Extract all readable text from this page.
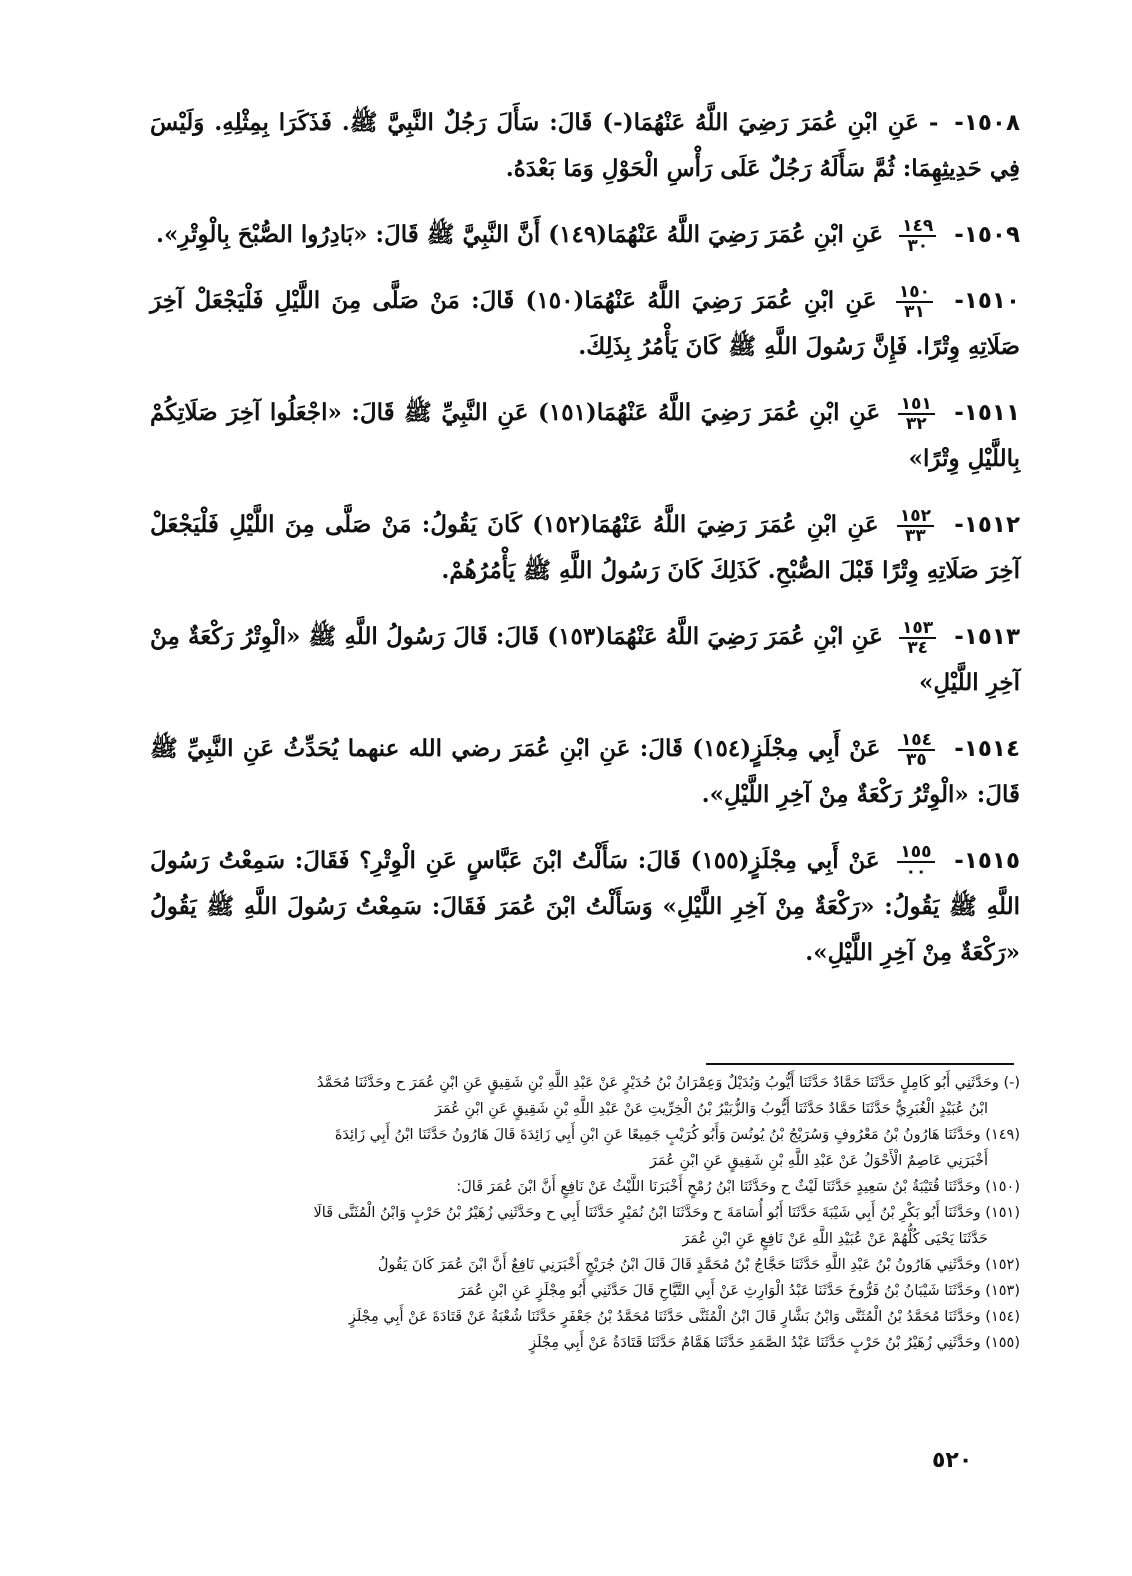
١٥٠٨- - عَنِ ابْنِ عُمَرَ رَضِيَ اللَّهُ عَنْهُمَا(-) قَالَ: سَأَلَ رَجُلٌ النَّبِيَّ ﷺ. فَذَكَرَا بِمِثْلِهِ. وَلَيْسَ فِي حَدِيثِهِمَا: ثُمَّ سَأَلَهُ رَجُلٌ عَلَى رَأْسِ الْحَوْلِ وَمَا بَعْدَهُ.

١٥٠٩-
$\frac{١٤٩}{٣٠}$
عَنِ ابْنِ عُمَرَ رَضِيَ اللَّهُ عَنْهُمَا(١٤٩) أَنَّ النَّبِيَّ ﷺ قَالَ: «بَادِرُوا الصُّبْحَ بِالْوِتْرِ».

١٥١٠-
$\frac{١٥٠}{٣١}$
عَنِ ابْنِ عُمَرَ رَضِيَ اللَّهُ عَنْهُمَا(١٥٠) قَالَ: مَنْ صَلَّى مِنَ اللَّيْلِ فَلْيَجْعَلْ آخِرَ صَلَاتِهِ وِتْرًا. فَإِنَّ رَسُولَ اللَّهِ ﷺ كَانَ يَأْمُرُ بِذَلِكَ.

١٥١١-
$\frac{١٥١}{٣٢}$
عَنِ ابْنِ عُمَرَ رَضِيَ اللَّهُ عَنْهُمَا(١٥١) عَنِ النَّبِيِّ ﷺ قَالَ: «اجْعَلُوا آخِرَ صَلَاتِكُمْ بِاللَّيْلِ وِتْرًا»

١٥١٢-
$\frac{١٥٢}{٣٣}$
عَنِ ابْنِ عُمَرَ رَضِيَ اللَّهُ عَنْهُمَا(١٥٢) كَانَ يَقُولُ: مَنْ صَلَّى مِنَ اللَّيْلِ فَلْيَجْعَلْ آخِرَ صَلَاتِهِ وِتْرًا قَبْلَ الصُّبْحِ. كَذَلِكَ كَانَ رَسُولُ اللَّهِ ﷺ يَأْمُرُهُمْ.

١٥١٣-
$\frac{١٥٣}{٣٤}$
عَنِ ابْنِ عُمَرَ رَضِيَ اللَّهُ عَنْهُمَا(١٥٣) قَالَ: قَالَ رَسُولُ اللَّهِ ﷺ «الْوِتْرُ رَكْعَةٌ مِنْ آخِرِ اللَّيْلِ»

١٥١٤-
$\frac{١٥٤}{٣٥}$
عَنْ أَبِي مِجْلَزٍ(١٥٤) قَالَ: عَنِ ابْنِ عُمَرَ رضي الله عنهما يُحَدِّثُ عَنِ النَّبِيِّ ﷺ قَالَ: «الْوِتْرُ رَكْعَةٌ مِنْ آخِرِ اللَّيْلِ».

١٥١٥-
$\frac{١٥٥}{٠٠}$
عَنْ أَبِي مِجْلَزٍ(١٥٥) قَالَ: سَأَلْتُ ابْنَ عَبَّاسٍ عَنِ الْوِتْرِ؟ فَقَالَ: سَمِعْتُ رَسُولَ اللَّهِ ﷺ يَقُولُ: «رَكْعَةٌ مِنْ آخِرِ اللَّيْلِ» وَسَأَلْتُ ابْنَ عُمَرَ فَقَالَ: سَمِعْتُ رَسُولَ اللَّهِ ﷺ يَقُولُ «رَكْعَةٌ مِنْ آخِرِ اللَّيْلِ».

(-) وحَدَّثَنِي أَبُو كَامِلٍ حَدَّثَنَا حَمَّادٌ حَدَّثَنَا أَيُّوبُ وَبُدَيْلٌ وَعِمْرَانُ بْنُ حُدَيْرٍ عَنْ عَبْدِ اللَّهِ بْنِ شَقِيقٍ عَنِ ابْنِ عُمَرَ ح وحَدَّثَنَا مُحَمَّدُ

ابْنُ عُبَيْدٍ الْغُبَرِيُّ حَدَّثَنَا حَمَّادٌ حَدَّثَنَا أَيُّوبُ وَالزُّبَيْرُ بْنُ الْخِرِّيتِ عَنْ عَبْدِ اللَّهِ بْنِ شَقِيقٍ عَنِ ابْنِ عُمَرَ

(١٤٩) وحَدَّثَنَا هَارُونُ بْنُ مَعْرُوفٍ وَسُرَيْجُ بْنُ يُونُسَ وَأَبُو كُرَيْبٍ جَمِيعًا عَنِ ابْنِ أَبِي زَائِدَةَ قَالَ هَارُونُ حَدَّثَنَا ابْنُ أَبِي زَائِدَةَ

أَخْبَرَنِي عَاصِمٌ الْأَحْوَلُ عَنْ عَبْدِ اللَّهِ بْنِ شَقِيقٍ عَنِ ابْنِ عُمَرَ

(١٥٠) وحَدَّثَنَا قُتَيْبَةُ بْنُ سَعِيدٍ حَدَّثَنَا لَيْثٌ ح وحَدَّثَنَا ابْنُ رُمْحٍ أَخْبَرَنَا اللَّيْثُ عَنْ نَافِعٍ أَنَّ ابْنَ عُمَرَ قَالَ:

(١٥١) وحَدَّثَنَا أَبُو بَكْرِ بْنُ أَبِي شَيْبَةَ حَدَّثَنَا أَبُو أُسَامَةَ ح وحَدَّثَنَا ابْنُ نُمَيْرٍ حَدَّثَنَا أَبِي ح وحَدَّثَنِي زُهَيْرُ بْنُ حَرْبٍ وَابْنُ الْمُثَنَّى قَالَا

حَدَّثَنَا يَحْيَى كُلُّهُمْ عَنْ عُبَيْدِ اللَّهِ عَنْ نَافِعٍ عَنِ ابْنِ عُمَرَ

(١٥٢) وحَدَّثَنِي هَارُونُ بْنُ عَبْدِ اللَّهِ حَدَّثَنَا حَجَّاجُ بْنُ مُحَمَّدٍ قَالَ قَالَ ابْنُ جُرَيْجٍ أَخْبَرَنِي نَافِعٌ أَنَّ ابْنَ عُمَرَ كَانَ يَقُولُ

(١٥٣) وحَدَّثَنَا شَيْبَانُ بْنُ فَرُّوخَ حَدَّثَنَا عَبْدُ الْوَارِثِ عَنْ أَبِي التَّيَّاحِ قَالَ حَدَّثَنِي أَبُو مِجْلَزٍ عَنِ ابْنِ عُمَرَ

(١٥٤) وحَدَّثَنَا مُحَمَّدُ بْنُ الْمُثَنَّى وَابْنُ بَشَّارٍ قَالَ ابْنُ الْمُثَنَّى حَدَّثَنَا مُحَمَّدُ بْنُ جَعْفَرٍ حَدَّثَنَا شُعْبَةُ عَنْ قَتَادَةَ عَنْ أَبِي مِجْلَزٍ

(١٥٥) وحَدَّثَنِي زُهَيْرُ بْنُ حَرْبٍ حَدَّثَنَا عَبْدُ الصَّمَدِ حَدَّثَنَا هَمَّامٌ حَدَّثَنَا قَتَادَةُ عَنْ أَبِي مِجْلَزٍ

٥٢٠
